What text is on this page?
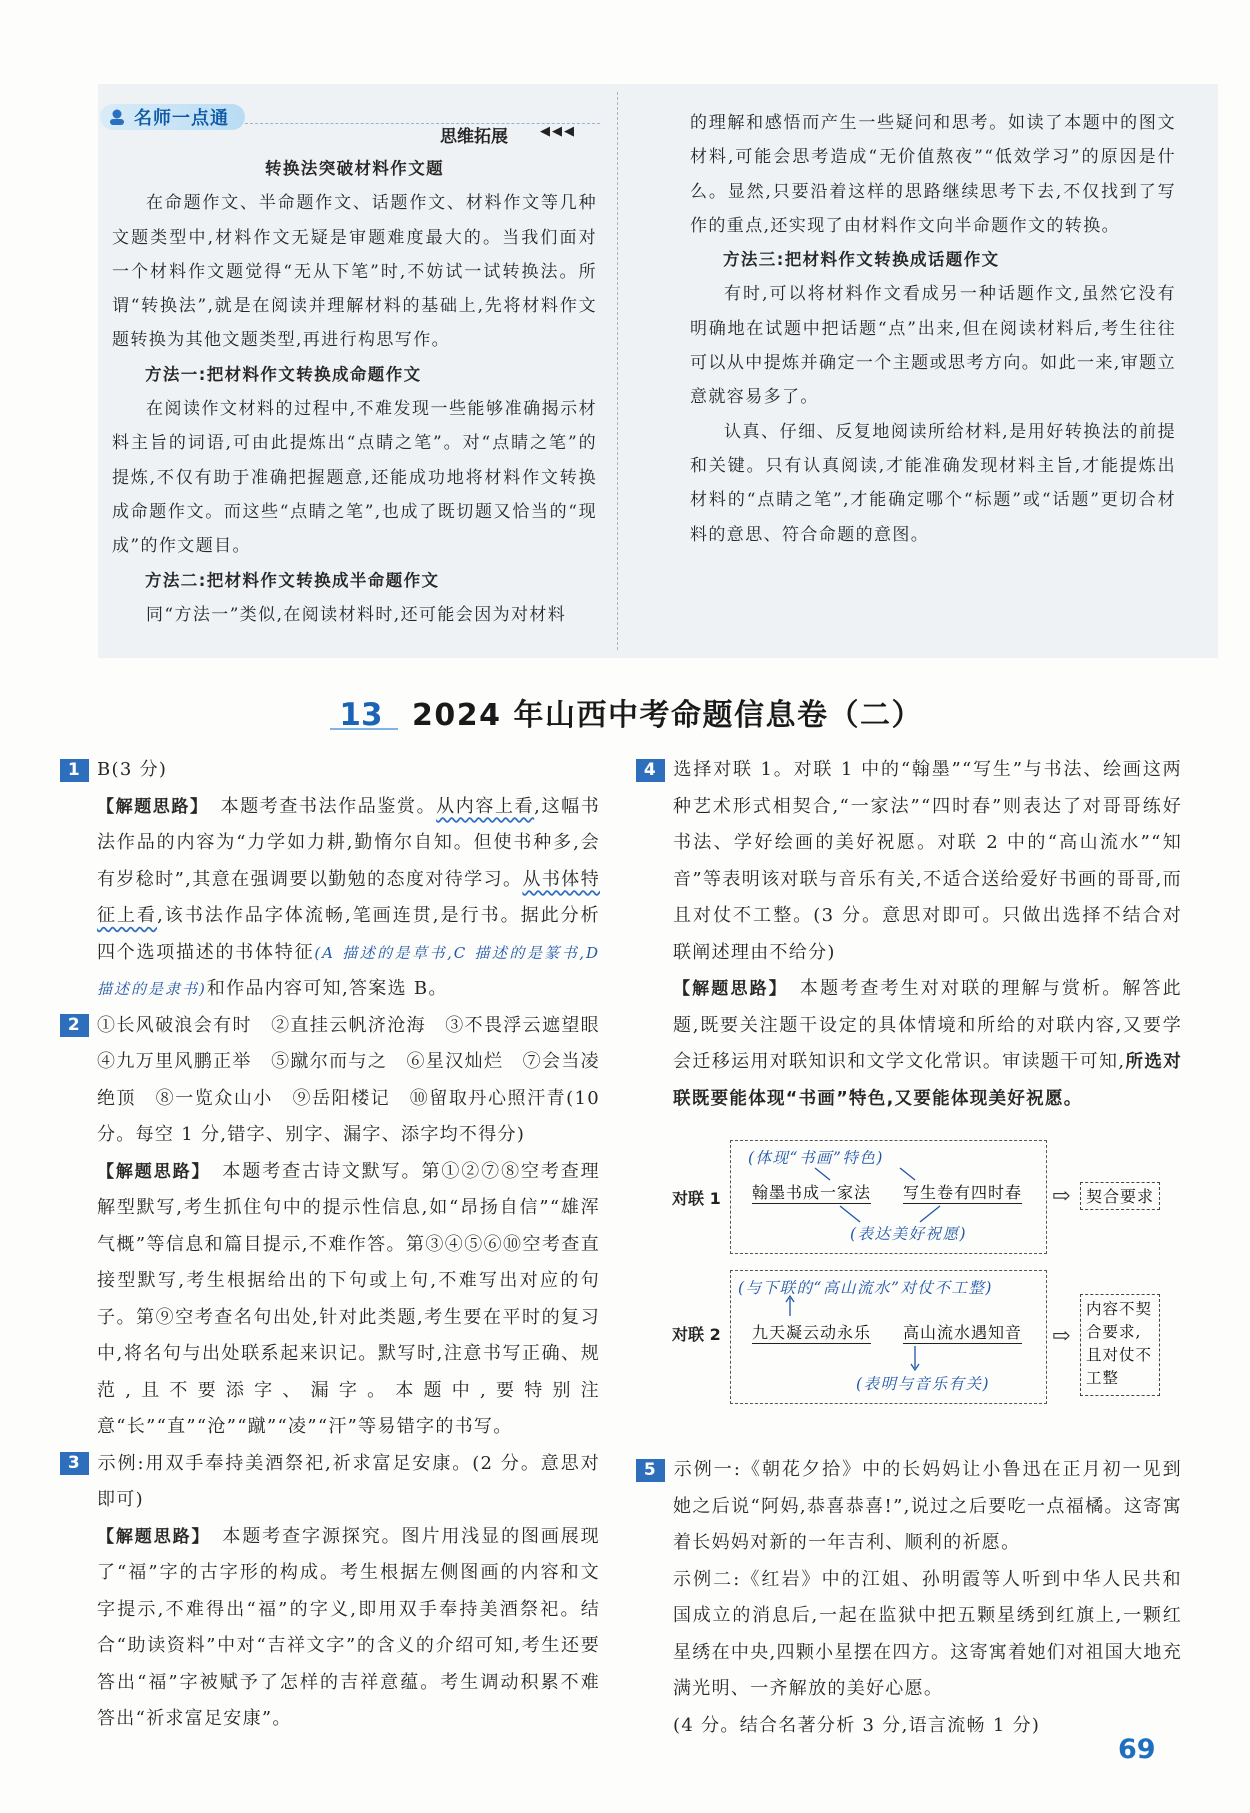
名师一点通
思维拓展 ◀◀◀

转换法突破材料作文题

在命题作文、半命题作文、话题作文、材料作文等几种文题类型中,材料作文无疑是审题难度最大的。当我们面对一个材料作文题觉得“无从下笔”时,不妨试一试转换法。所谓“转换法”,就是在阅读并理解材料的基础上,先将材料作文题转换为其他文题类型,再进行构思写作。

方法一:把材料作文转换成命题作文

在阅读作文材料的过程中,不难发现一些能够准确揭示材料主旨的词语,可由此提炼出“点睛之笔”。对“点睛之笔”的提炼,不仅有助于准确把握题意,还能成功地将材料作文转换成命题作文。而这些“点睛之笔”,也成了既切题又恰当的“现成”的作文题目。

方法二:把材料作文转换成半命题作文

同“方法一”类似,在阅读材料时,还可能会因为对材料

的理解和感悟而产生一些疑问和思考。如读了本题中的图文材料,可能会思考造成“无价值熬夜”“低效学习”的原因是什么。显然,只要沿着这样的思路继续思考下去,不仅找到了写作的重点,还实现了由材料作文向半命题作文的转换。

方法三:把材料作文转换成话题作文

有时,可以将材料作文看成另一种话题作文,虽然它没有明确地在试题中把话题“点”出来,但在阅读材料后,考生往往可以从中提炼并确定一个主题或思考方向。如此一来,审题立意就容易多了。

认真、仔细、反复地阅读所给材料,是用好转换法的前提和关键。只有认真阅读,才能准确发现材料主旨,才能提炼出材料的“点睛之笔”,才能确定哪个“标题”或“话题”更切合材料的意思、符合命题的意图。

13 2024 年山西中考命题信息卷（二）

1 B(3 分)

【解题思路】 本题考查书法作品鉴赏。从内容上看,这幅书法作品的内容为“力学如力耕,勤惰尔自知。但使书种多,会有岁稔时”,其意在强调要以勤勉的态度对待学习。从书体特征上看,该书法作品字体流畅,笔画连贯,是行书。据此分析四个选项描述的书体特征(A 描述的是草书,C 描述的是篆书,D 描述的是隶书)和作品内容可知,答案选 B。

2 ①长风破浪会有时　②直挂云帆济沧海　③不畏浮云遮望眼　④九万里风鹏正举　⑤蹴尔而与之　⑥星汉灿烂　⑦会当凌绝顶　⑧一览众山小　⑨岳阳楼记　⑩留取丹心照汗青(10 分。每空 1 分,错字、别字、漏字、添字均不得分)

【解题思路】 本题考查古诗文默写。第①②⑦⑧空考查理解型默写,考生抓住句中的提示性信息,如“昂扬自信”“雄浑气概”等信息和篇目提示,不难作答。第③④⑤⑥⑩空考查直接型默写,考生根据给出的下句或上句,不难写出对应的句子。第⑨空考查名句出处,针对此类题,考生要在平时的复习中,将名句与出处联系起来识记。默写时,注意书写正确、规范,且不要添字、漏字。本题中,要特别注意“长”“直”“沧”“蹴”“凌”“汗”等易错字的书写。

3 示例:用双手奉持美酒祭祀,祈求富足安康。(2 分。意思对即可)

【解题思路】 本题考查字源探究。图片用浅显的图画展现了“福”字的古字形的构成。考生根据左侧图画的内容和文字提示,不难得出“福”的字义,即用双手奉持美酒祭祀。结合“助读资料”中对“吉祥文字”的含义的介绍可知,考生还要答出“福”字被赋予了怎样的吉祥意蕴。考生调动积累不难答出“祈求富足安康”。

4 选择对联 1。对联 1 中的“翰墨”“写生”与书法、绘画这两种艺术形式相契合,“一家法”“四时春”则表达了对哥哥练好书法、学好绘画的美好祝愿。对联 2 中的“高山流水”“知音”等表明该对联与音乐有关,不适合送给爱好书画的哥哥,而且对仗不工整。(3 分。意思对即可。只做出选择不结合对联阐述理由不给分)

【解题思路】 本题考查考生对对联的理解与赏析。解答此题,既要关注题干设定的具体情境和所给的对联内容,又要学会迁移运用对联知识和文学文化常识。审读题干可知,所选对联既要能体现“书画”特色,又要能体现美好祝愿。

对联 1
(体现“书画”特色)
翰墨书成一家法 写生卷有四时春
(表达美好祝愿)
⇨ 契合要求
对联 2
(与下联的“高山流水”对仗不工整)
九天凝云动永乐 高山流水遇知音
(表明与音乐有关)
⇨
内容不契合要求,且对仗不工整

5 示例一:《朝花夕拾》中的长妈妈让小鲁迅在正月初一见到她之后说“阿妈,恭喜恭喜!”,说过之后要吃一点福橘。这寄寓着长妈妈对新的一年吉利、顺利的祈愿。

示例二:《红岩》中的江姐、孙明霞等人听到中华人民共和国成立的消息后,一起在监狱中把五颗星绣到红旗上,一颗红星绣在中央,四颗小星摆在四方。这寄寓着她们对祖国大地充满光明、一齐解放的美好心愿。

(4 分。结合名著分析 3 分,语言流畅 1 分)

69
